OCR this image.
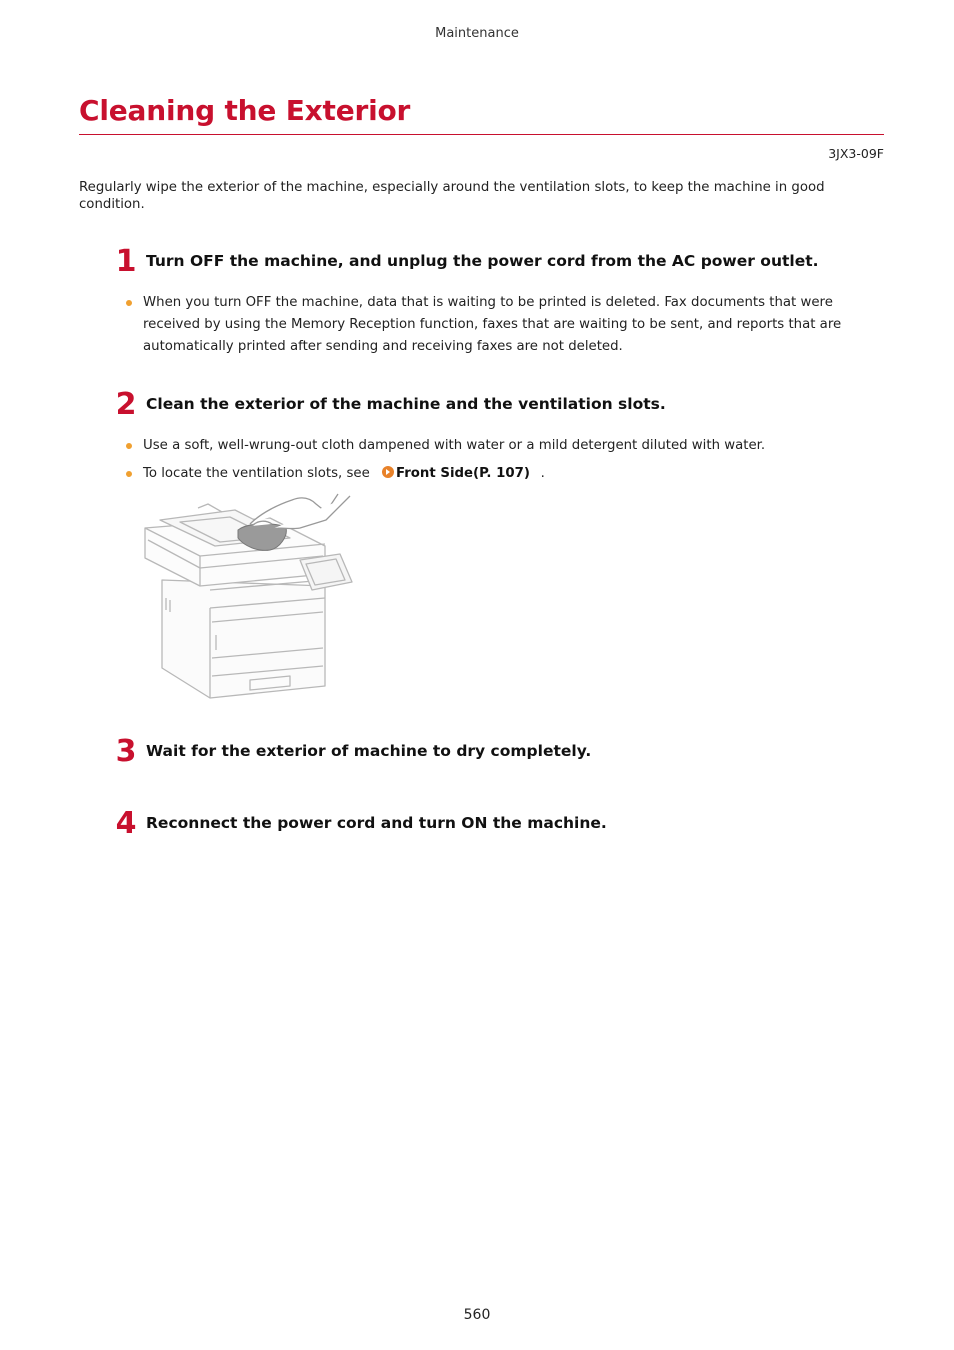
Maintenance
Cleaning the Exterior
3JX3-09F
Regularly wipe the exterior of the machine, especially around the ventilation slots, to keep the machine in good condition.
1 Turn OFF the machine, and unplug the power cord from the AC power outlet.
When you turn OFF the machine, data that is waiting to be printed is deleted. Fax documents that were received by using the Memory Reception function, faxes that are waiting to be sent, and reports that are automatically printed after sending and receiving faxes are not deleted.
2 Clean the exterior of the machine and the ventilation slots.
Use a soft, well-wrung-out cloth dampened with water or a mild detergent diluted with water.
To locate the ventilation slots, see Front Side(P. 107) .
3 Wait for the exterior of machine to dry completely.
4 Reconnect the power cord and turn ON the machine.
560
